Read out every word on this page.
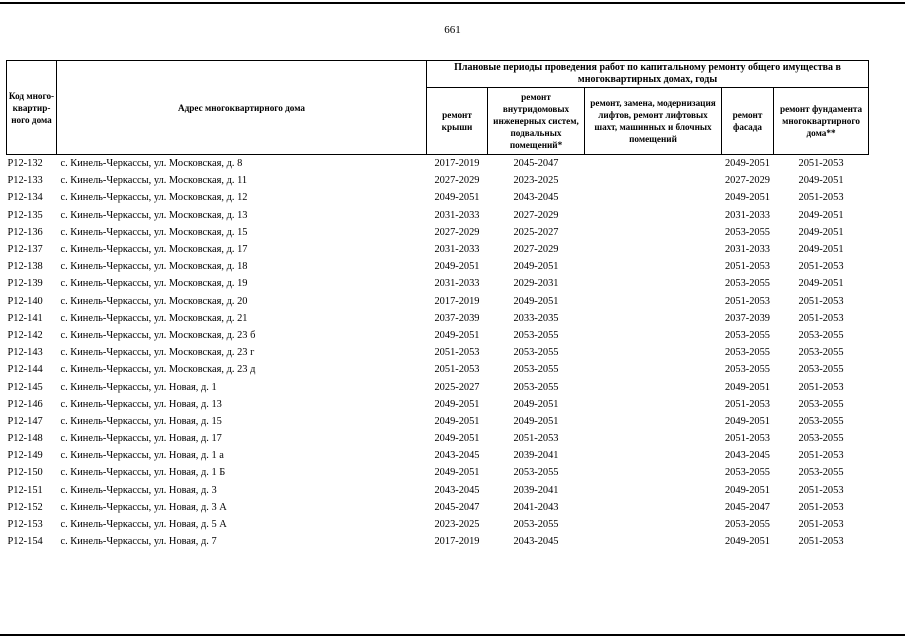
661
Код много-квартир-ного дома	Адрес многоквартирного дома	Плановые периоды проведения работ по капитальному ремонту общего имущества в многоквартирных домах, годы				
		ремонт крыши	ремонт внутридомовых инженерных систем, подвальных помещений*	ремонт, замена, модернизация лифтов, ремонт лифтовых шахт, машинных и блочных помещений	ремонт фасада	ремонт фундамента многоквартирного дома**
P12-132	с. Кинель-Черкассы, ул. Московская, д. 8	2017-2019	2045-2047		2049-2051	2051-2053
P12-133	с. Кинель-Черкассы, ул. Московская, д. 11	2027-2029	2023-2025		2027-2029	2049-2051
P12-134	с. Кинель-Черкассы, ул. Московская, д. 12	2049-2051	2043-2045		2049-2051	2051-2053
P12-135	с. Кинель-Черкассы, ул. Московская, д. 13	2031-2033	2027-2029		2031-2033	2049-2051
P12-136	с. Кинель-Черкассы, ул. Московская, д. 15	2027-2029	2025-2027		2053-2055	2049-2051
P12-137	с. Кинель-Черкассы, ул. Московская, д. 17	2031-2033	2027-2029		2031-2033	2049-2051
P12-138	с. Кинель-Черкассы, ул. Московская, д. 18	2049-2051	2049-2051		2051-2053	2051-2053
P12-139	с. Кинель-Черкассы, ул. Московская, д. 19	2031-2033	2029-2031		2053-2055	2049-2051
P12-140	с. Кинель-Черкассы, ул. Московская, д. 20	2017-2019	2049-2051		2051-2053	2051-2053
P12-141	с. Кинель-Черкассы, ул. Московская, д. 21	2037-2039	2033-2035		2037-2039	2051-2053
P12-142	с. Кинель-Черкассы, ул. Московская, д. 23 б	2049-2051	2053-2055		2053-2055	2053-2055
P12-143	с. Кинель-Черкассы, ул. Московская, д. 23 г	2051-2053	2053-2055		2053-2055	2053-2055
P12-144	с. Кинель-Черкассы, ул. Московская, д. 23 д	2051-2053	2053-2055		2053-2055	2053-2055
P12-145	с. Кинель-Черкассы, ул. Новая, д. 1	2025-2027	2053-2055		2049-2051	2051-2053
P12-146	с. Кинель-Черкассы, ул. Новая, д. 13	2049-2051	2049-2051		2051-2053	2053-2055
P12-147	с. Кинель-Черкассы, ул. Новая, д. 15	2049-2051	2049-2051		2049-2051	2053-2055
P12-148	с. Кинель-Черкассы, ул. Новая, д. 17	2049-2051	2051-2053		2051-2053	2053-2055
P12-149	с. Кинель-Черкассы, ул. Новая, д. 1 а	2043-2045	2039-2041		2043-2045	2051-2053
P12-150	с. Кинель-Черкассы, ул. Новая, д. 1 Б	2049-2051	2053-2055		2053-2055	2053-2055
P12-151	с. Кинель-Черкассы, ул. Новая, д. 3	2043-2045	2039-2041		2049-2051	2051-2053
P12-152	с. Кинель-Черкассы, ул. Новая, д. 3 А	2045-2047	2041-2043		2045-2047	2051-2053
P12-153	с. Кинель-Черкассы, ул. Новая, д. 5 А	2023-2025	2053-2055		2053-2055	2051-2053
P12-154	с. Кинель-Черкассы, ул. Новая, д. 7	2017-2019	2043-2045		2049-2051	2051-2053
